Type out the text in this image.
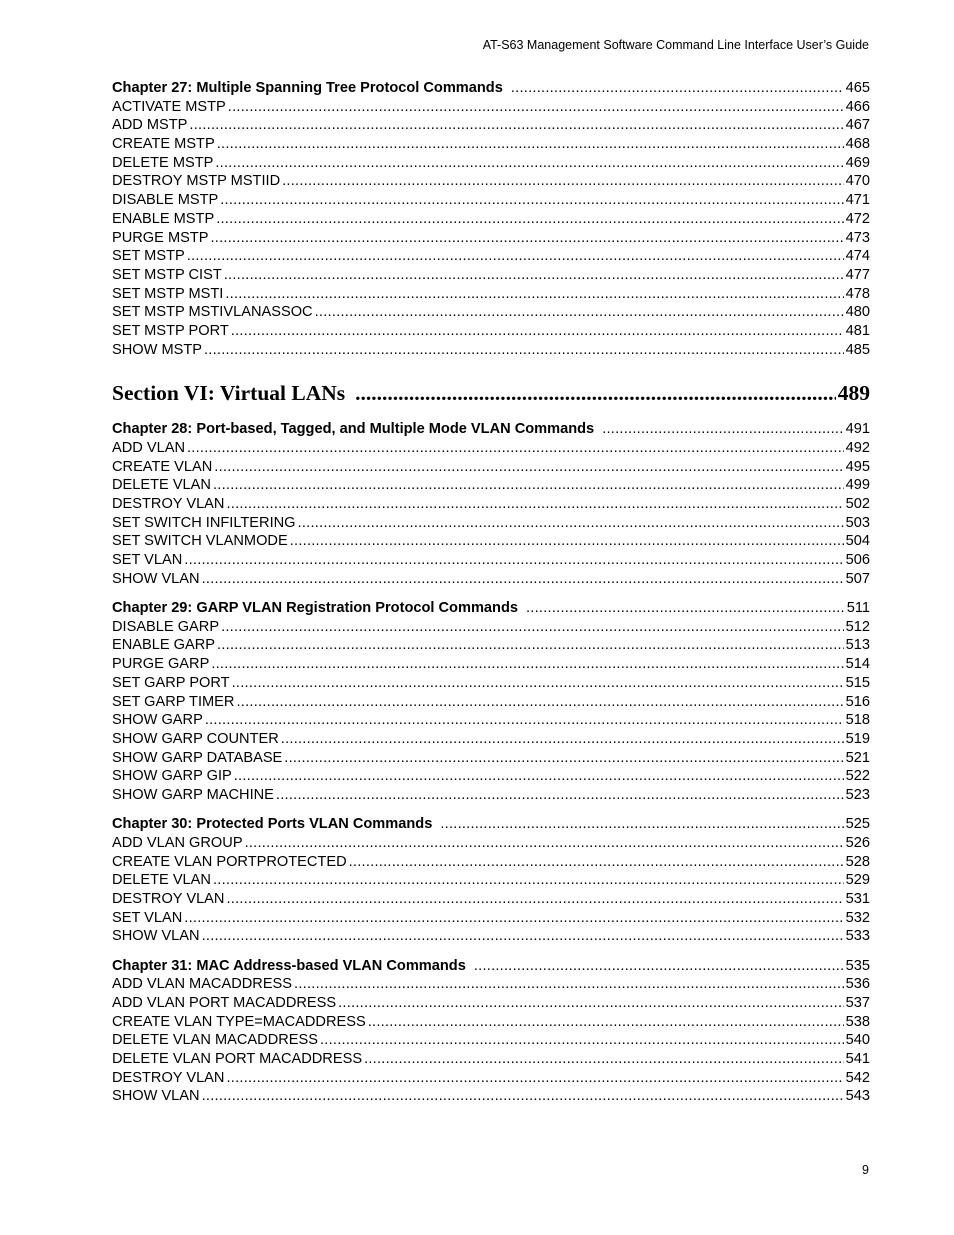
AT-S63 Management Software Command Line Interface User’s Guide
Chapter 27: Multiple Spanning Tree Protocol Commands . . .	465
ACTIVATE MSTP . . .	466
ADD MSTP . . .	467
CREATE MSTP . . .	468
DELETE MSTP . . .	469
DESTROY MSTP MSTIID . . .	470
DISABLE MSTP . . .	471
ENABLE MSTP . . .	472
PURGE MSTP . . .	473
SET MSTP . . .	474
SET MSTP CIST . . .	477
SET MSTP MSTI . . .	478
SET MSTP MSTIVLANASSOC . . .	480
SET MSTP PORT . . .	481
SHOW MSTP . . .	485
Section VI: Virtual LANs .....	489
Chapter 28: Port-based, Tagged, and Multiple Mode VLAN Commands . . .	491
ADD VLAN . . .	492
CREATE VLAN . . .	495
DELETE VLAN . . .	499
DESTROY VLAN . . .	502
SET SWITCH INFILTERING . . .	503
SET SWITCH VLANMODE . . .	504
SET VLAN . . .	506
SHOW VLAN . . .	507
Chapter 29: GARP VLAN Registration Protocol Commands . . .	511
DISABLE GARP . . .	512
ENABLE GARP . . .	513
PURGE GARP . . .	514
SET GARP PORT . . .	515
SET GARP TIMER . . .	516
SHOW GARP . . .	518
SHOW GARP COUNTER . . .	519
SHOW GARP DATABASE . . .	521
SHOW GARP GIP . . .	522
SHOW GARP MACHINE . . .	523
Chapter 30: Protected Ports VLAN Commands . . .	525
ADD VLAN GROUP . . .	526
CREATE VLAN PORTPROTECTED . . .	528
DELETE VLAN . . .	529
DESTROY VLAN . . .	531
SET VLAN . . .	532
SHOW VLAN . . .	533
Chapter 31: MAC Address-based VLAN Commands . . .	535
ADD VLAN MACADDRESS . . .	536
ADD VLAN PORT MACADDRESS . . .	537
CREATE VLAN TYPE=MACADDRESS . . .	538
DELETE VLAN MACADDRESS . . .	540
DELETE VLAN PORT MACADDRESS . . .	541
DESTROY VLAN . . .	542
SHOW VLAN . . .	543
9
